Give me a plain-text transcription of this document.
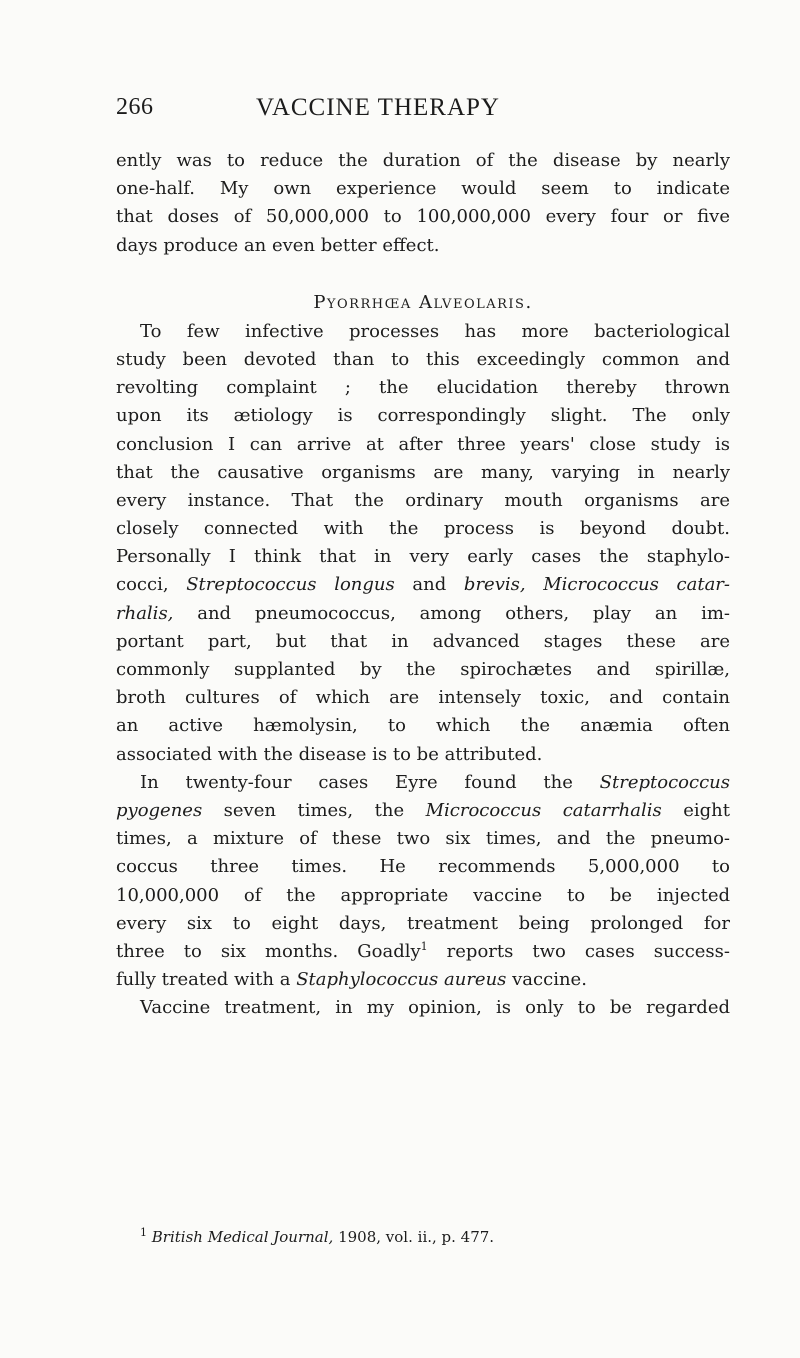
266	VACCINE THERAPY
ently was to reduce the duration of the disease by nearly
one-half. My own experience would seem to indicate
that doses of 50,000,000 to 100,000,000 every four or five
days produce an even better effect.
Pyorrhœa Alveolaris.
To few infective processes has more bacteriological
study been devoted than to this exceedingly common and
revolting complaint ; the elucidation thereby thrown
upon its ætiology is correspondingly slight. The only
conclusion I can arrive at after three years' close study is
that the causative organisms are many, varying in nearly
every instance. That the ordinary mouth organisms are
closely connected with the process is beyond doubt.
Personally I think that in very early cases the staphylo-
cocci, Streptococcus longus and brevis, Micrococcus catar-
rhalis, and pneumococcus, among others, play an im-
portant part, but that in advanced stages these are
commonly supplanted by the spirochætes and spirillæ,
broth cultures of which are intensely toxic, and contain
an active hæmolysin, to which the anæmia often
associated with the disease is to be attributed.
In twenty-four cases Eyre found the Streptococcus
pyogenes seven times, the Micrococcus catarrhalis eight
times, a mixture of these two six times, and the pneumo-
coccus three times. He recommends 5,000,000 to
10,000,000 of the appropriate vaccine to be injected
every six to eight days, treatment being prolonged for
three to six months. Goadly$^1$ reports two cases success-
fully treated with a Staphylococcus aureus vaccine.
Vaccine treatment, in my opinion, is only to be regarded
$^1$ British Medical Journal, 1908, vol. ii., p. 477.
